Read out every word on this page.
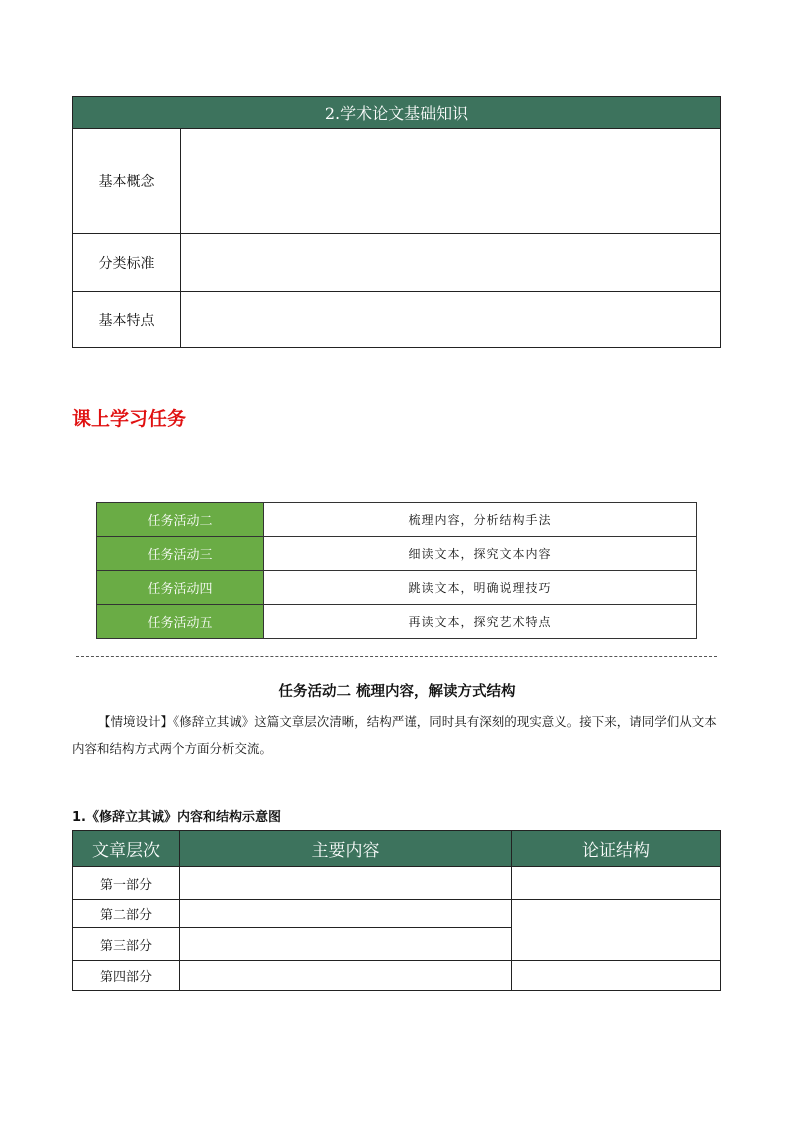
2.学术论文基础知识	
基本概念	
分类标准	
基本特点	
课上学习任务
任务活动二	梳理内容，分析结构手法
任务活动三	细读文本，探究文本内容
任务活动四	跳读文本，明确说理技巧
任务活动五	再读文本，探究艺术特点
任务活动二 梳理内容，解读方式结构
【情境设计】《修辞立其诚》这篇文章层次清晰，结构严谨，同时具有深刻的现实意义。接下来，请同学们从文本内容和结构方式两个方面分析交流。
1.《修辞立其诚》内容和结构示意图
文章层次	主要内容	论证结构
第一部分		
第二部分		
第三部分		
第四部分		
